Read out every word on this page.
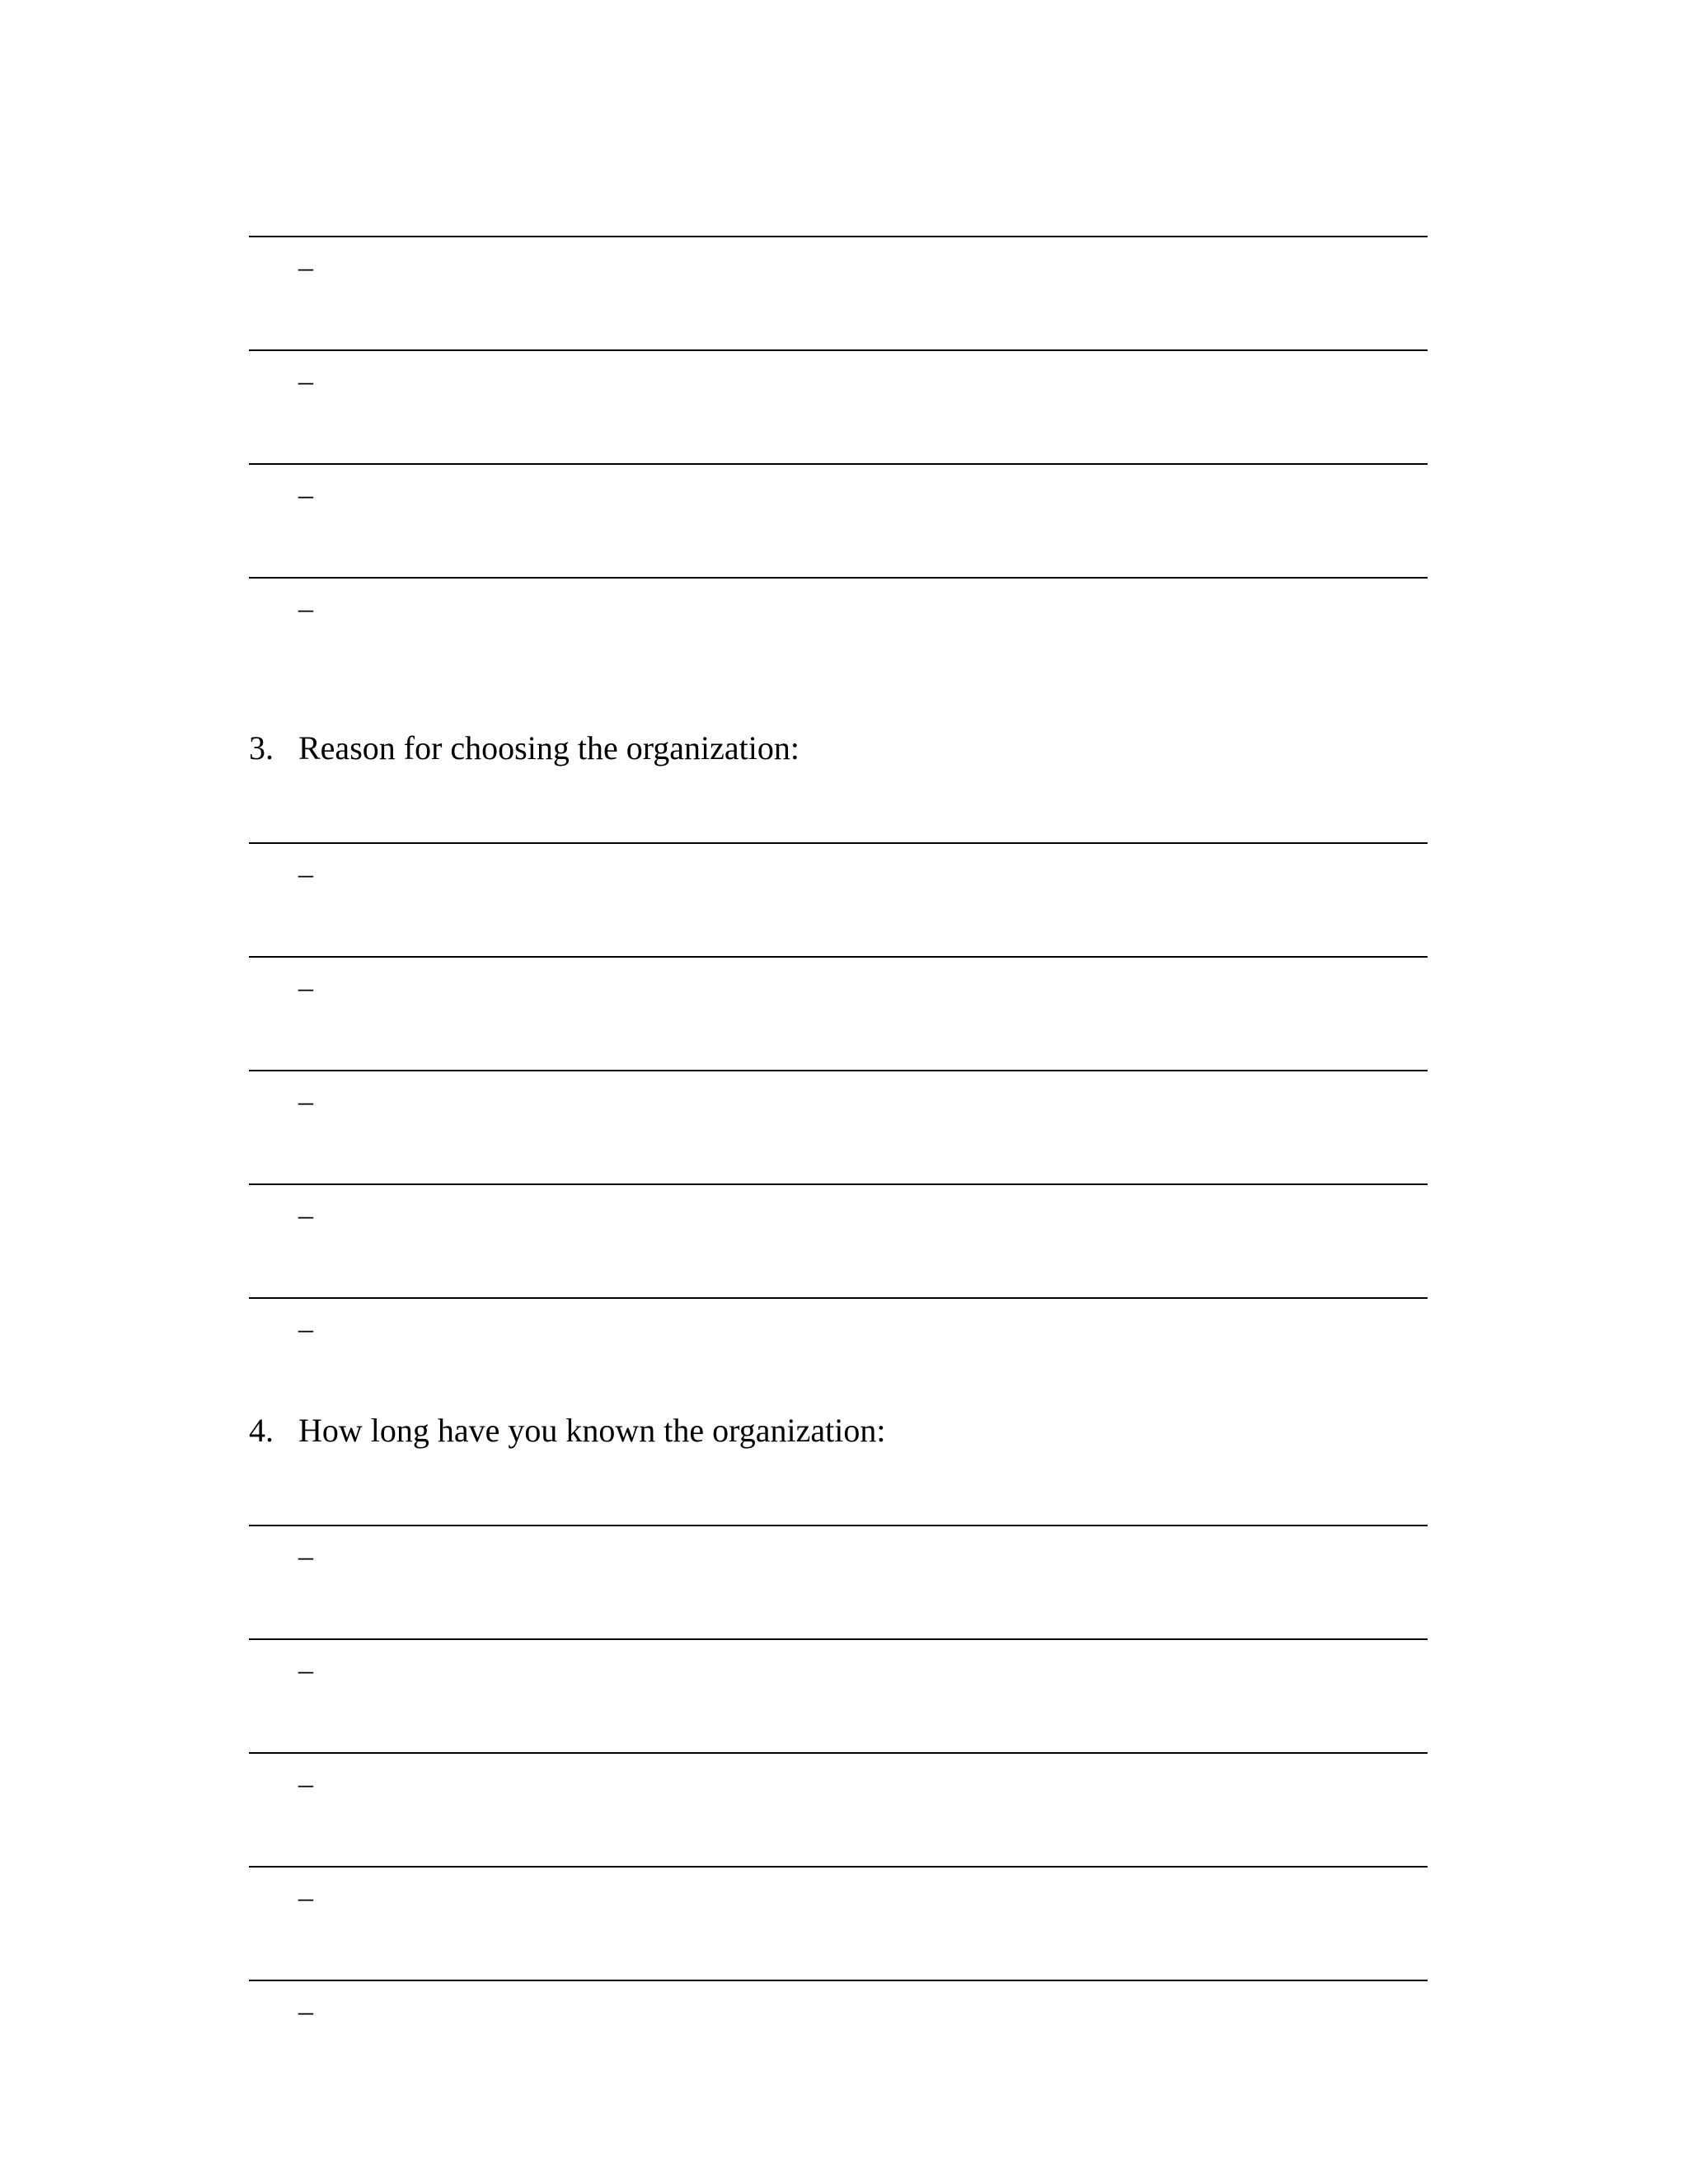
–
–
–
–
3. Reason for choosing the organization:
–
–
–
–
–
4. How long have you known the organization:
–
–
–
–
–
